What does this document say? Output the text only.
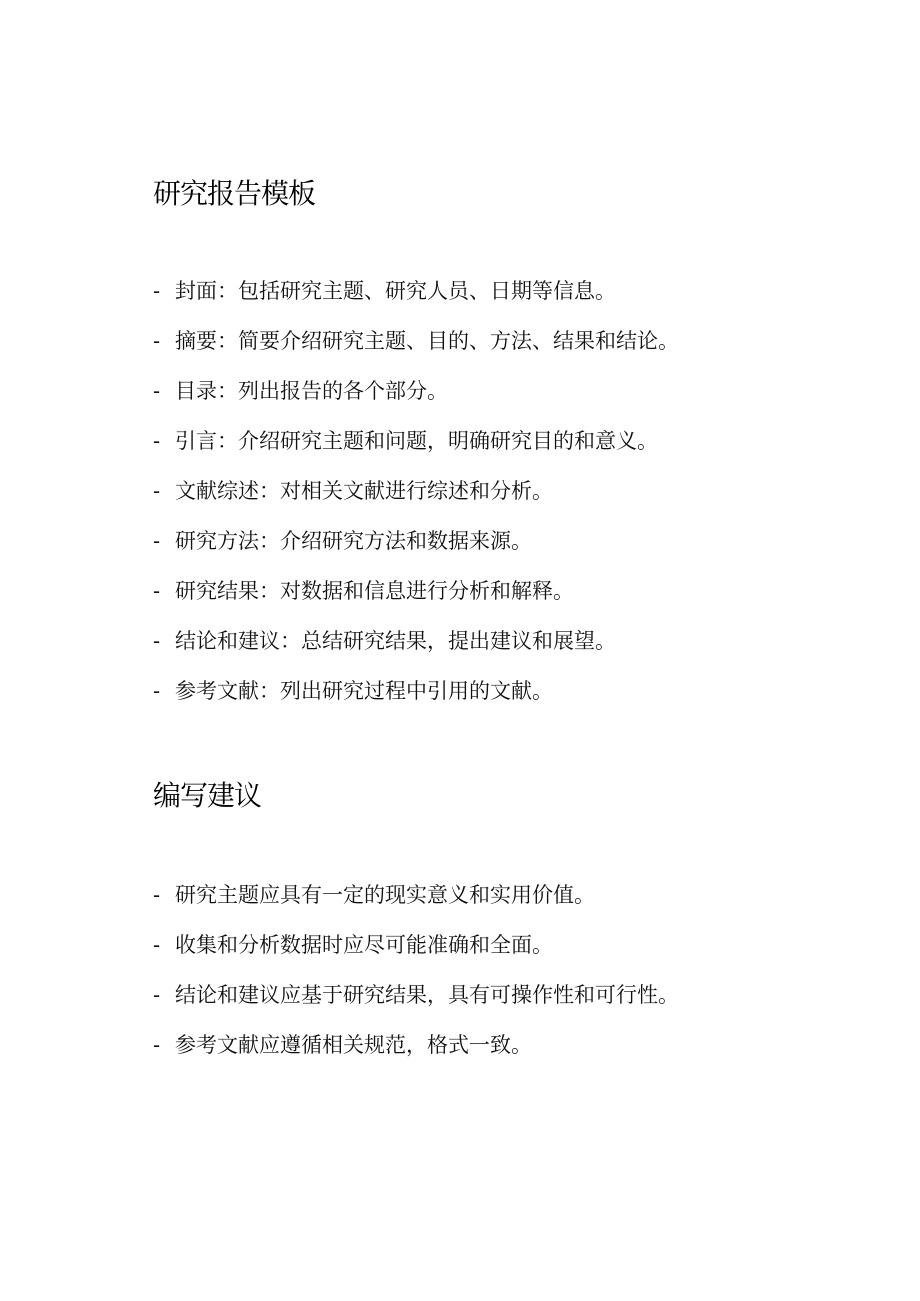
研究报告模板
- 封面：包括研究主题、研究人员、日期等信息。
- 摘要：简要介绍研究主题、目的、方法、结果和结论。
- 目录：列出报告的各个部分。
- 引言：介绍研究主题和问题，明确研究目的和意义。
- 文献综述：对相关文献进行综述和分析。
- 研究方法：介绍研究方法和数据来源。
- 研究结果：对数据和信息进行分析和解释。
- 结论和建议：总结研究结果，提出建议和展望。
- 参考文献：列出研究过程中引用的文献。
编写建议
- 研究主题应具有一定的现实意义和实用价值。
- 收集和分析数据时应尽可能准确和全面。
- 结论和建议应基于研究结果，具有可操作性和可行性。
- 参考文献应遵循相关规范，格式一致。
